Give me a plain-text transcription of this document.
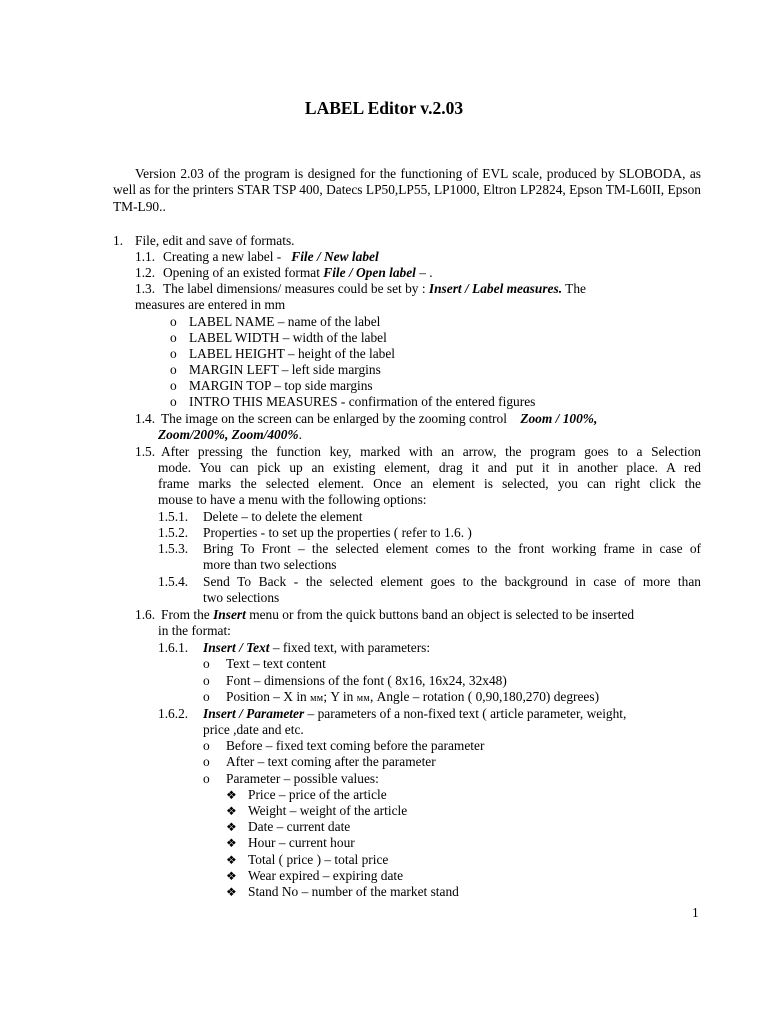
LABEL Editor v.2.03

Version 2.03 of the program is designed for the functioning of EVL scale, produced by SLOBODA, as well as for the printers STAR TSP 400, Datecs LP50,LP55, LP1000, Eltron LP2824, Epson TM-L60II, Epson TM-L90..

1. File, edit and save of formats.
1.1. Creating a new label - File / New label
1.2. Opening of an existed format File / Open label – .
1.3. The label dimensions/ measures could be set by : Insert / Label measures. The
measures are entered in mm
o LABEL NAME – name of the label
o LABEL WIDTH – width of the label
o LABEL HEIGHT – height of the label
o MARGIN LEFT – left side margins
o MARGIN TOP – top side margins
o INTRO THIS MEASURES - confirmation of the entered figures
1.4. The image on the screen can be enlarged by the zooming control Zoom / 100%,
Zoom/200%, Zoom/400%.
1.5. After pressing the function key, marked with an arrow, the program goes to a Selection
mode. You can pick up an existing element, drag it and put it in another place. A red
frame marks the selected element. Once an element is selected, you can right click the
mouse to have a menu with the following options:
1.5.1. Delete – to delete the element
1.5.2. Properties - to set up the properties ( refer to 1.6. )
1.5.3. Bring To Front – the selected element comes to the front working frame in case of
more than two selections
1.5.4. Send To Back - the selected element goes to the background in case of more than
two selections
1.6. From the Insert menu or from the quick buttons band an object is selected to be inserted
in the format:
1.6.1. Insert / Text – fixed text, with parameters:
o Text – text content
o Font – dimensions of the font ( 8x16, 16x24, 32x48)
o Position – X in мм; Y in мм, Angle – rotation ( 0,90,180,270) degrees)
1.6.2. Insert / Parameter – parameters of a non-fixed text ( article parameter, weight,
price ,date and etc.
o Before – fixed text coming before the parameter
o After – text coming after the parameter
o Parameter – possible values:
❖ Price – price of the article
❖ Weight – weight of the article
❖ Date – current date
❖ Hour – current hour
❖ Total ( price ) – total price
❖ Wear expired – expiring date
❖ Stand No – number of the market stand
1
